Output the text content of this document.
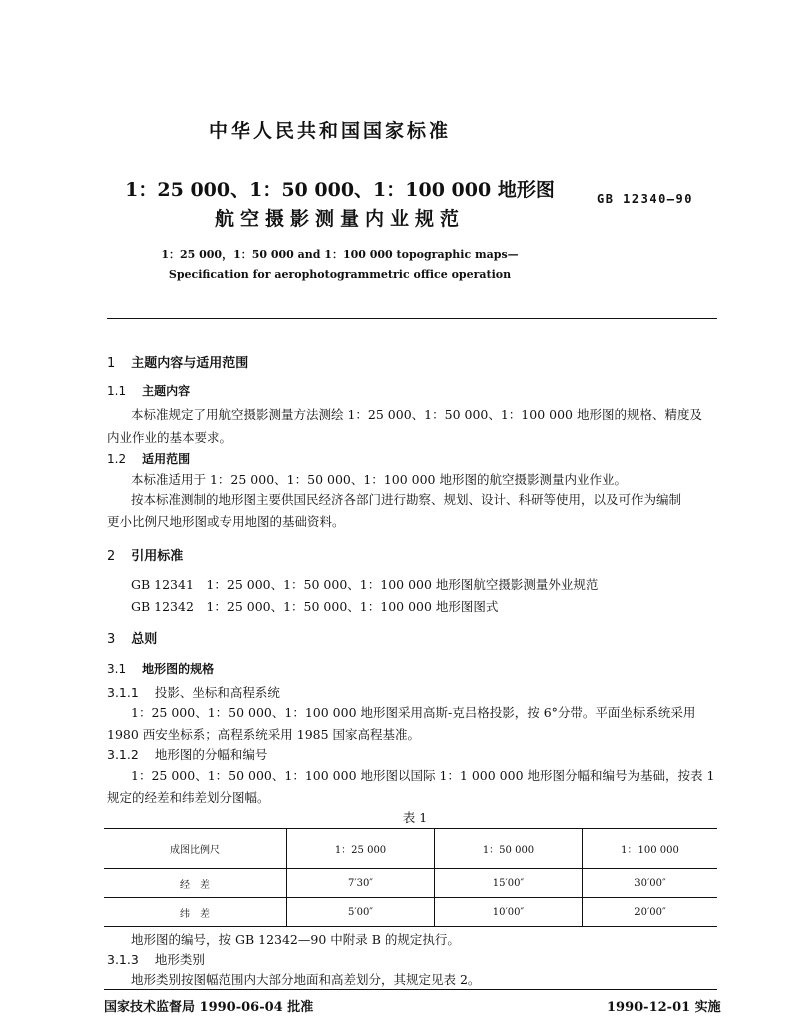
中华人民共和国国家标准
1：25 000、1：50 000、1：100 000 地形图
航空摄影测量内业规范
GB 12340—90
1：25 000，1：50 000 and 1：100 000 topographic maps—
Specification for aerophotogrammetric office operation
1 主题内容与适用范围
1.1 主题内容
本标准规定了用航空摄影测量方法测绘 1：25 000、1：50 000、1：100 000 地形图的规格、精度及
内业作业的基本要求。
1.2 适用范围
本标准适用于 1：25 000、1：50 000、1：100 000 地形图的航空摄影测量内业作业。
按本标准测制的地形图主要供国民经济各部门进行勘察、规划、设计、科研等使用，以及可作为编制
更小比例尺地形图或专用地图的基础资料。
2 引用标准
GB 12341　1：25 000、1：50 000、1：100 000 地形图航空摄影测量外业规范
GB 12342　1：25 000、1：50 000、1：100 000 地形图图式
3 总则
3.1 地形图的规格
3.1.1 投影、坐标和高程系统
1：25 000、1：50 000、1：100 000 地形图采用高斯-克吕格投影，按 6°分带。平面坐标系统采用
1980 西安坐标系；高程系统采用 1985 国家高程基准。
3.1.2 地形图的分幅和编号
1：25 000、1：50 000、1：100 000 地形图以国际 1：1 000 000 地形图分幅和编号为基础，按表 1
规定的经差和纬差划分图幅。
表 1
成图比例尺	1：25 000	1：50 000	1：100 000
经　差	7′30″	15′00″	30′00″
纬　差	5′00″	10′00″	20′00″
地形图的编号，按 GB 12342—90 中附录 B 的规定执行。
3.1.3 地形类别
地形类别按图幅范围内大部分地面和高差划分，其规定见表 2。
国家技术监督局 1990-06-04 批准	1990-12-01 实施
